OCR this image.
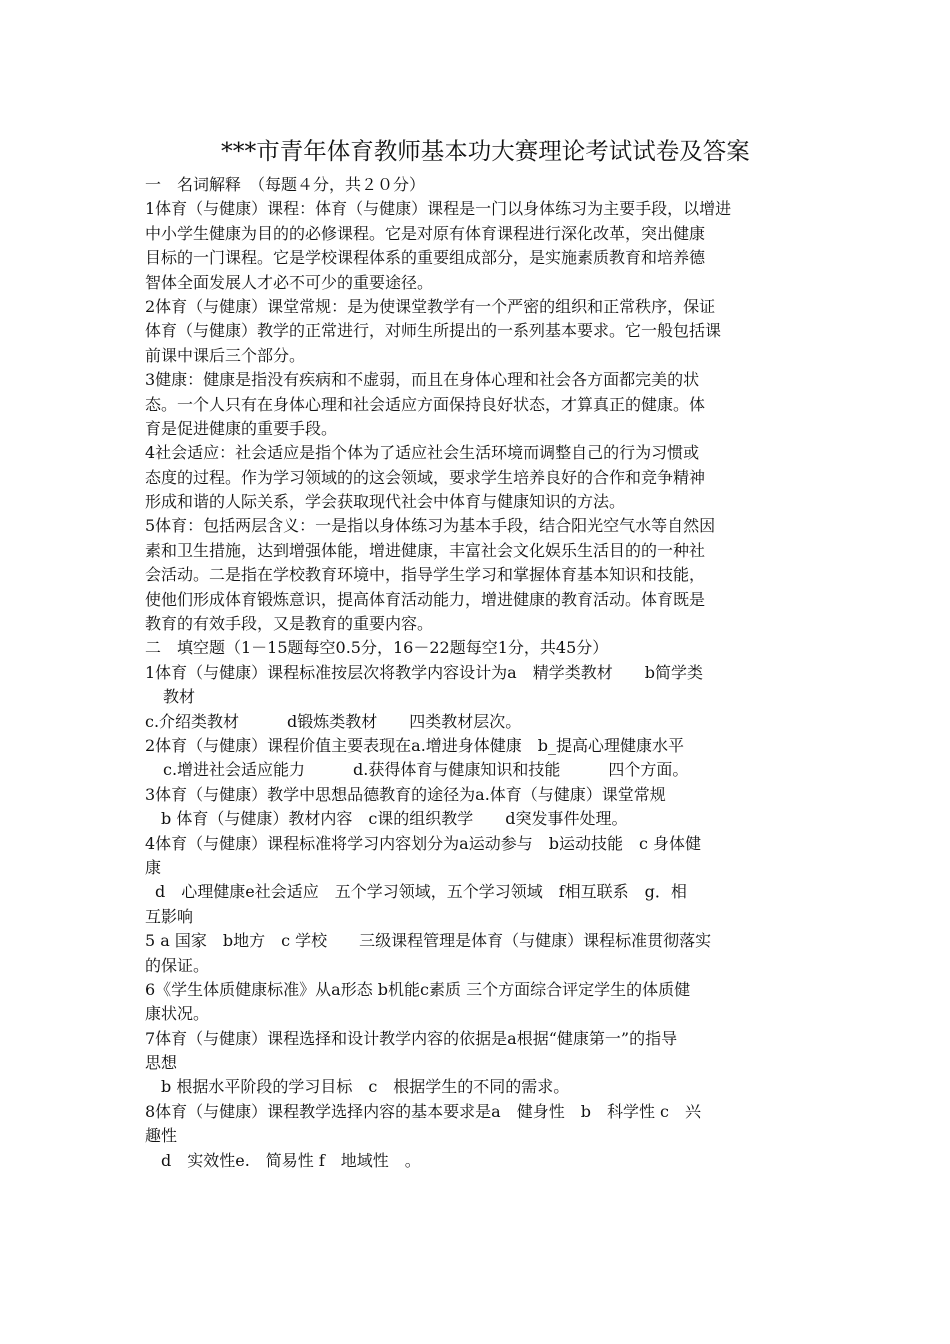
***市青年体育教师基本功大赛理论考试试卷及答案
一　名词解释　（每题４分，共２０分）
1体育（与健康）课程：体育（与健康）课程是一门以身体练习为主要手段，以增进
中小学生健康为目的的必修课程。它是对原有体育课程进行深化改革，突出健康
目标的一门课程。它是学校课程体系的重要组成部分，是实施素质教育和培养德
智体全面发展人才必不可少的重要途径。
2体育（与健康）课堂常规：是为使课堂教学有一个严密的组织和正常秩序，保证
体育（与健康）教学的正常进行，对师生所提出的一系列基本要求。它一般包括课
前课中课后三个部分。
3健康：健康是指没有疾病和不虚弱，而且在身体心理和社会各方面都完美的状
态。一个人只有在身体心理和社会适应方面保持良好状态，才算真正的健康。体
育是促进健康的重要手段。
4社会适应：社会适应是指个体为了适应社会生活环境而调整自己的行为习惯或
态度的过程。作为学习领域的的这会领域，要求学生培养良好的合作和竞争精神
形成和谐的人际关系，学会获取现代社会中体育与健康知识的方法。
5体育：包括两层含义：一是指以身体练习为基本手段，结合阳光空气水等自然因
素和卫生措施，达到增强体能，增进健康，丰富社会文化娱乐生活目的的一种社
会活动。二是指在学校教育环境中，指导学生学习和掌握体育基本知识和技能，
使他们形成体育锻炼意识，提高体育活动能力，增进健康的教育活动。体育既是
教育的有效手段，又是教育的重要内容。
二　填空题（1－15题每空0.5分，16－22题每空1分，共45分）
1体育（与健康）课程标准按层次将教学内容设计为a　精学类教材　　b简学类
教材
c.介绍类教材　　　d锻炼类教材　　四类教材层次。
2体育（与健康）课程价值主要表现在a.增进身体健康　b_提高心理健康水平
c.增进社会适应能力　　　d.获得体育与健康知识和技能　　　四个方面。
3体育（与健康）教学中思想品德教育的途径为a.体育（与健康）课堂常规
b 体育（与健康）教材内容　c课的组织教学　　d突发事件处理。
4体育（与健康）课程标准将学习内容划分为a运动参与　b运动技能　c 身体健
康
d　心理健康e社会适应　五个学习领域，五个学习领域　f相互联系　g．相
互影响
5 a 国家　b地方　c 学校　　三级课程管理是体育（与健康）课程标准贯彻落实
的保证。
6《学生体质健康标准》从a形态 b机能c素质 三个方面综合评定学生的体质健
康状况。
7体育（与健康）课程选择和设计教学内容的依据是a根据“健康第一”的指导
思想
b 根据水平阶段的学习目标　c　根据学生的不同的需求。
8体育（与健康）课程教学选择内容的基本要求是a　健身性　b　科学性 c　兴
趣性
d　实效性e.　简易性 f　地域性　。
